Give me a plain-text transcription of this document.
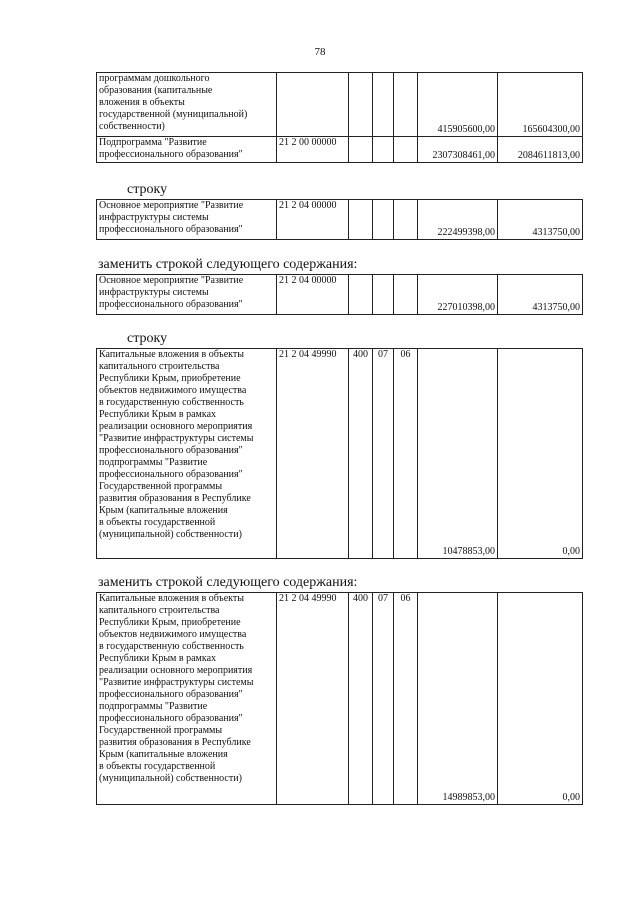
78
программам дошкольного
образования (капитальные
вложения в объекты
государственной (муниципальной)
собственности)					415905600,00	165604300,00
Подпрограмма "Развитие
профессионального образования"	21 2 00 00000				2307308461,00	2084611813,00
строку
Основное мероприятие "Развитие
инфраструктуры системы
профессионального образования"	21 2 04 00000				222499398,00	4313750,00
заменить строкой следующего содержания:
Основное мероприятие "Развитие
инфраструктуры системы
профессионального образования"	21 2 04 00000				227010398,00	4313750,00
строку
Капитальные вложения в объекты
капитального строительства
Республики Крым, приобретение
объектов недвижимого имущества
в государственную собственность
Республики Крым в рамках
реализации основного мероприятия
"Развитие инфраструктуры системы
профессионального образования"
подпрограммы "Развитие
профессионального образования"
Государственной программы
развития образования в Республике
Крым (капитальные вложения
в объекты государственной
(муниципальной) собственности)	21 2 04 49990	400	07	06	10478853,00	0,00
заменить строкой следующего содержания:
Капитальные вложения в объекты
капитального строительства
Республики Крым, приобретение
объектов недвижимого имущества
в государственную собственность
Республики Крым в рамках
реализации основного мероприятия
"Развитие инфраструктуры системы
профессионального образования"
подпрограммы "Развитие
профессионального образования"
Государственной программы
развития образования в Республике
Крым (капитальные вложения
в объекты государственной
(муниципальной) собственности)	21 2 04 49990	400	07	06	14989853,00	0,00
